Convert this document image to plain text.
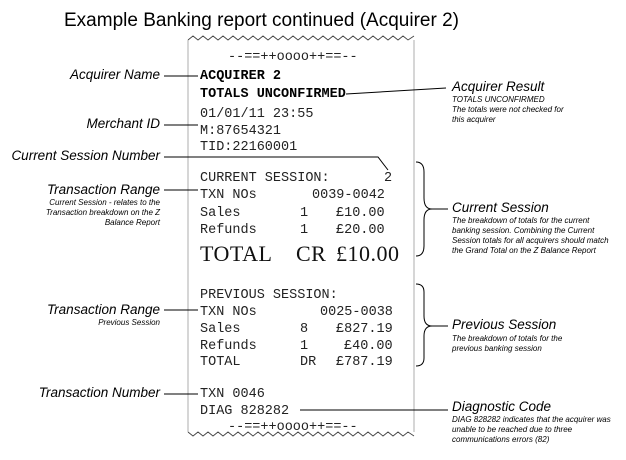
Example Banking report continued (Acquirer 2)
--==++oooo++==--
ACQUIRER 2
TOTALS UNCONFIRMED
01/01/11 23:55
M:87654321
TID:22160001
CURRENT SESSION:	2
TXN NOs	0039-0042
Sales	1 £10.00
Refunds	1 £20.00
TOTAL CR £10.00
PREVIOUS SESSION:
TXN NOs	0025-0038
Sales	8 £827.19
Refunds	1	£40.00
TOTAL	DR £787.19
TXN 0046
DIAG 828282
--==++oooo++==--
Acquirer Name
Merchant ID
Current Session Number
Transaction Range
Current Session - relates to the Transaction breakdown on the Z Balance Report
Transaction Range
Previous Session
Transaction Number
Acquirer Result
TOTALS UNCONFIRMED
The totals were not checked for this acquirer
Current Session
The breakdown of totals for the current banking session. Combining the Current Session totals for all acquirers should match the Grand Total on the Z Balance Report
Previous Session
The breakdown of totals for the previous banking session
Diagnostic Code
DIAG 828282 indicates that the acquirer was unable to be reached due to three communications errors (82)
